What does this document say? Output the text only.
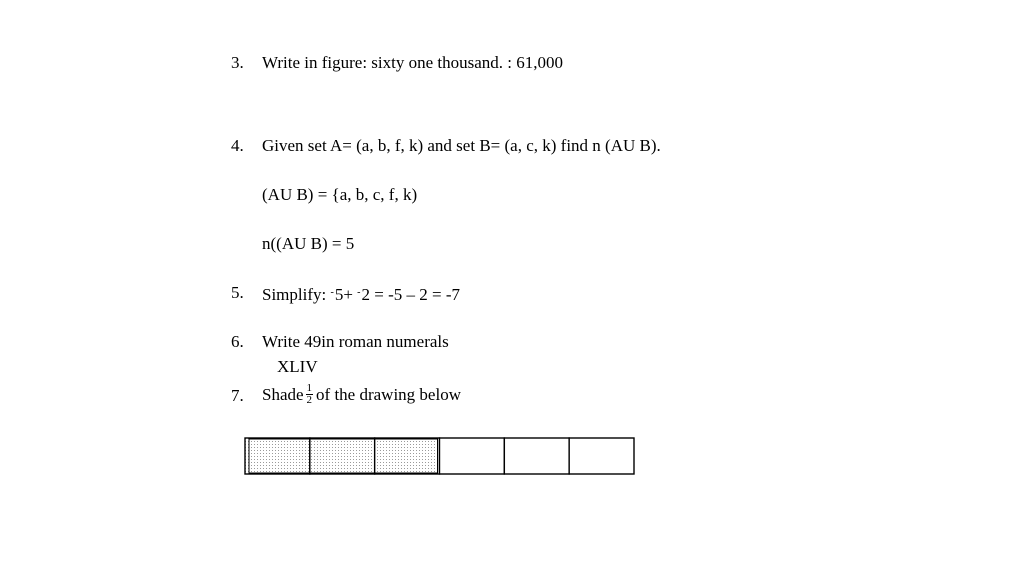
3. Write in figure: sixty one thousand. : 61,000
4. Given set A= (a, b, f, k) and set B= (a, c, k) find n (AU B).
(AU B) = {a, b, c, f, k)
n((AU B) = 5
5. Simplify: -5+ -2 = -5 – 2 = -7
6. Write 49in roman numerals
XLIV
7. Shade $\frac{1}{2}$ of the drawing below
